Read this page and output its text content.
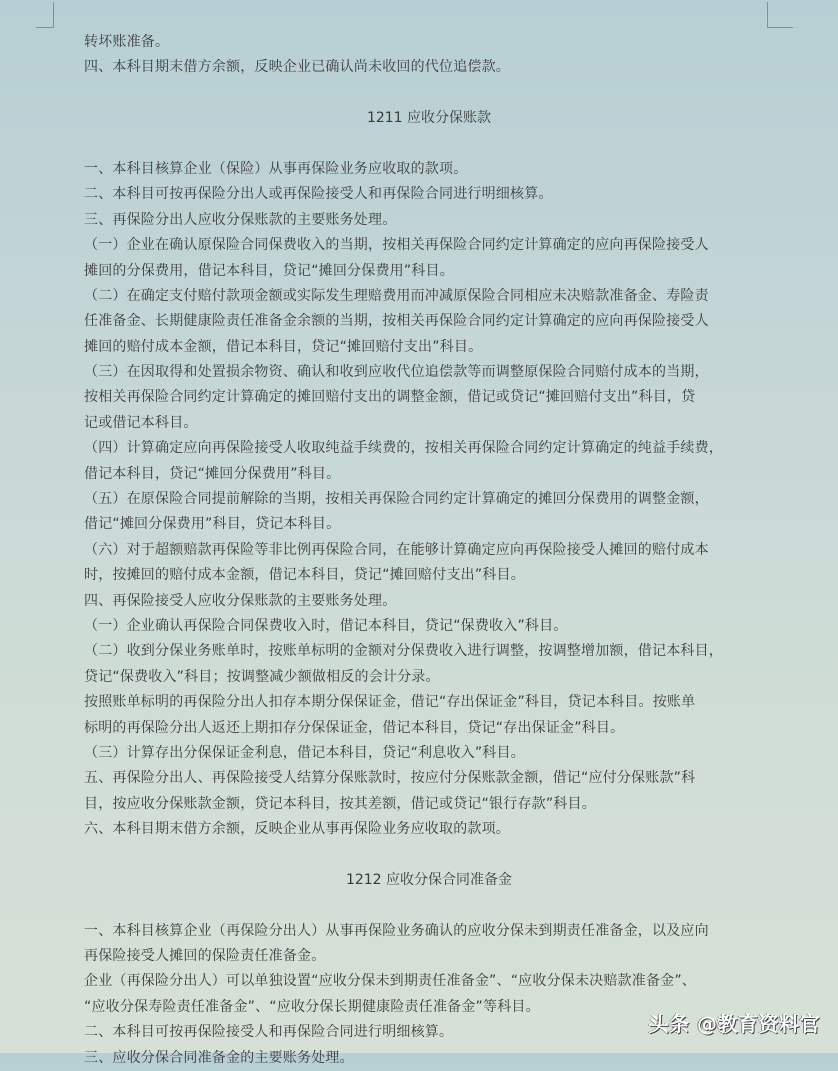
转坏账准备。
四、本科目期末借方余额，反映企业已确认尚未收回的代位追偿款。
1211 应收分保账款
一、本科目核算企业（保险）从事再保险业务应收取的款项。
二、本科目可按再保险分出人或再保险接受人和再保险合同进行明细核算。
三、再保险分出人应收分保账款的主要账务处理。
（一）企业在确认原保险合同保费收入的当期，按相关再保险合同约定计算确定的应向再保险接受人
摊回的分保费用，借记本科目，贷记“摊回分保费用”科目。
（二）在确定支付赔付款项金额或实际发生理赔费用而冲减原保险合同相应未决赔款准备金、寿险责
任准备金、长期健康险责任准备金余额的当期，按相关再保险合同约定计算确定的应向再保险接受人
摊回的赔付成本金额，借记本科目，贷记“摊回赔付支出”科目。
（三）在因取得和处置损余物资、确认和收到应收代位追偿款等而调整原保险合同赔付成本的当期，
按相关再保险合同约定计算确定的摊回赔付支出的调整金额，借记或贷记“摊回赔付支出”科目，贷
记或借记本科目。
（四）计算确定应向再保险接受人收取纯益手续费的，按相关再保险合同约定计算确定的纯益手续费，
借记本科目，贷记“摊回分保费用”科目。
（五）在原保险合同提前解除的当期，按相关再保险合同约定计算确定的摊回分保费用的调整金额，
借记“摊回分保费用”科目，贷记本科目。
（六）对于超额赔款再保险等非比例再保险合同，在能够计算确定应向再保险接受人摊回的赔付成本
时，按摊回的赔付成本金额，借记本科目，贷记“摊回赔付支出”科目。
四、再保险接受人应收分保账款的主要账务处理。
（一）企业确认再保险合同保费收入时，借记本科目，贷记“保费收入”科目。
（二）收到分保业务账单时，按账单标明的金额对分保费收入进行调整，按调整增加额，借记本科目，
贷记“保费收入”科目；按调整减少额做相反的会计分录。
按照账单标明的再保险分出人扣存本期分保保证金，借记“存出保证金”科目，贷记本科目。按账单
标明的再保险分出人返还上期扣存分保保证金，借记本科目，贷记“存出保证金”科目。
（三）计算存出分保保证金利息，借记本科目，贷记“利息收入”科目。
五、再保险分出人、再保险接受人结算分保账款时，按应付分保账款金额，借记“应付分保账款”科
目，按应收分保账款金额，贷记本科目，按其差额，借记或贷记“银行存款”科目。
六、本科目期末借方余额，反映企业从事再保险业务应收取的款项。
1212 应收分保合同准备金
一、本科目核算企业（再保险分出人）从事再保险业务确认的应收分保未到期责任准备金，以及应向
再保险接受人摊回的保险责任准备金。
企业（再保险分出人）可以单独设置“应收分保未到期责任准备金”、“应收分保未决赔款准备金”、
“应收分保寿险责任准备金”、“应收分保长期健康险责任准备金”等科目。
二、本科目可按再保险接受人和再保险合同进行明细核算。
三、应收分保合同准备金的主要账务处理。
头条 @教育资料官
